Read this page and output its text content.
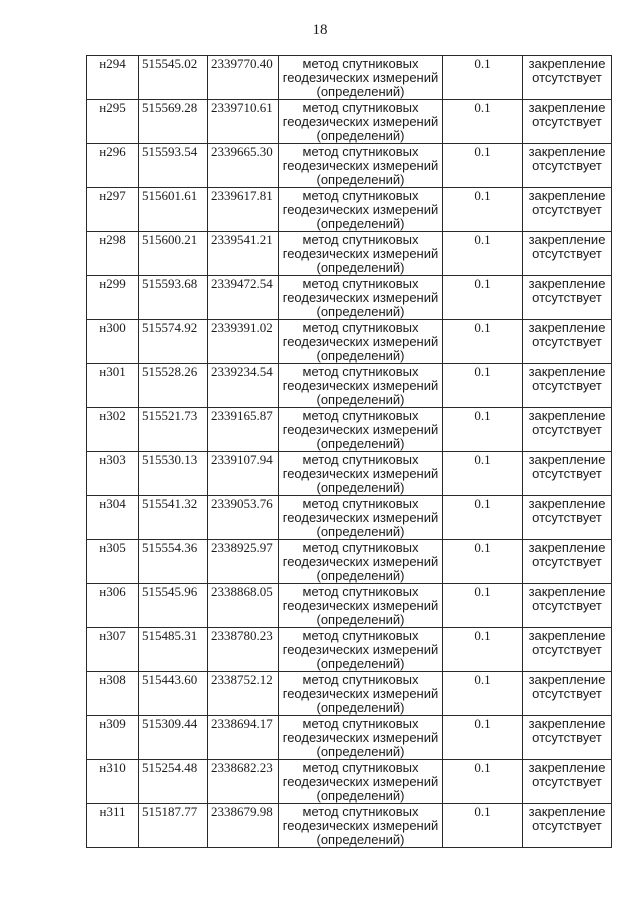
18
н294	515545.02	2339770.40	метод спутниковых
геодезических измерений
(определений)	0.1	закрепление
отсутствует

н295	515569.28	2339710.61	метод спутниковых
геодезических измерений
(определений)	0.1	закрепление
отсутствует

н296	515593.54	2339665.30	метод спутниковых
геодезических измерений
(определений)	0.1	закрепление
отсутствует

н297	515601.61	2339617.81	метод спутниковых
геодезических измерений
(определений)	0.1	закрепление
отсутствует

н298	515600.21	2339541.21	метод спутниковых
геодезических измерений
(определений)	0.1	закрепление
отсутствует

н299	515593.68	2339472.54	метод спутниковых
геодезических измерений
(определений)	0.1	закрепление
отсутствует

н300	515574.92	2339391.02	метод спутниковых
геодезических измерений
(определений)	0.1	закрепление
отсутствует

н301	515528.26	2339234.54	метод спутниковых
геодезических измерений
(определений)	0.1	закрепление
отсутствует

н302	515521.73	2339165.87	метод спутниковых
геодезических измерений
(определений)	0.1	закрепление
отсутствует

н303	515530.13	2339107.94	метод спутниковых
геодезических измерений
(определений)	0.1	закрепление
отсутствует

н304	515541.32	2339053.76	метод спутниковых
геодезических измерений
(определений)	0.1	закрепление
отсутствует

н305	515554.36	2338925.97	метод спутниковых
геодезических измерений
(определений)	0.1	закрепление
отсутствует

н306	515545.96	2338868.05	метод спутниковых
геодезических измерений
(определений)	0.1	закрепление
отсутствует

н307	515485.31	2338780.23	метод спутниковых
геодезических измерений
(определений)	0.1	закрепление
отсутствует

н308	515443.60	2338752.12	метод спутниковых
геодезических измерений
(определений)	0.1	закрепление
отсутствует

н309	515309.44	2338694.17	метод спутниковых
геодезических измерений
(определений)	0.1	закрепление
отсутствует

н310	515254.48	2338682.23	метод спутниковых
геодезических измерений
(определений)	0.1	закрепление
отсутствует

н311	515187.77	2338679.98	метод спутниковых
геодезических измерений
(определений)	0.1	закрепление
отсутствует
